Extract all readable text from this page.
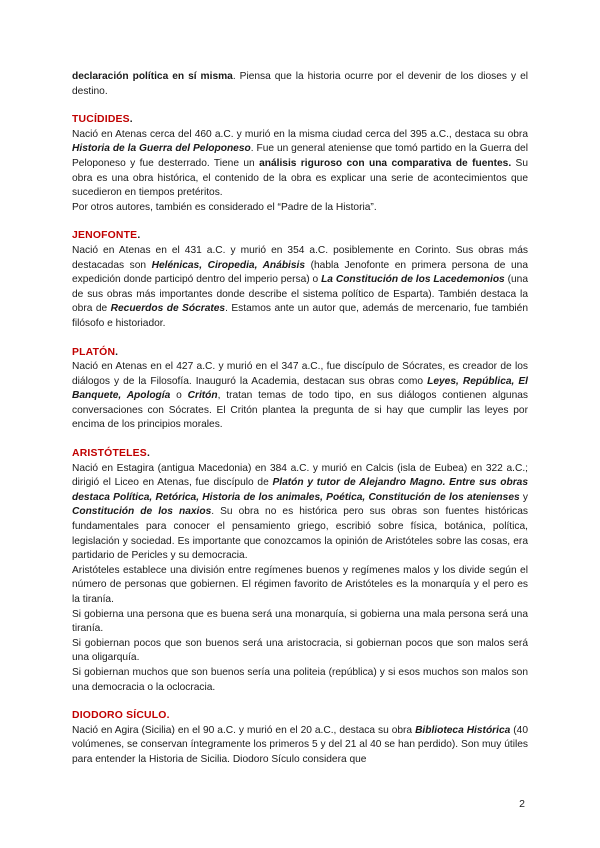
declaración política en sí misma. Piensa que la historia ocurre por el devenir de los dioses y el destino.

TUCÍDIDES.

Nació en Atenas cerca del 460 a.C. y murió en la misma ciudad cerca del 395 a.C., destaca su obra Historia de la Guerra del Peloponeso. Fue un general ateniense que tomó partido en la Guerra del Peloponeso y fue desterrado. Tiene un análisis riguroso con una comparativa de fuentes. Su obra es una obra histórica, el contenido de la obra es explicar una serie de acontecimientos que sucedieron en tiempos pretéritos.

Por otros autores, también es considerado el “Padre de la Historia”.

JENOFONTE.

Nació en Atenas en el 431 a.C. y murió en 354 a.C. posiblemente en Corinto. Sus obras más destacadas son Helénicas, Ciropedia, Anábisis (habla Jenofonte en primera persona de una expedición donde participó dentro del imperio persa) o La Constitución de los Lacedemonios (una de sus obras más importantes donde describe el sistema político de Esparta). También destaca la obra de Recuerdos de Sócrates. Estamos ante un autor que, además de mercenario, fue también filósofo e historiador.

PLATÓN.

Nació en Atenas en el 427 a.C. y murió en el 347 a.C., fue discípulo de Sócrates, es creador de los diálogos y de la Filosofía. Inauguró la Academia, destacan sus obras como Leyes, República, El Banquete, Apología o Critón, tratan temas de todo tipo, en sus diálogos contienen algunas conversaciones con Sócrates. El Critón plantea la pregunta de si hay que cumplir las leyes por encima de los principios morales.

ARISTÓTELES.

Nació en Estagira (antigua Macedonia) en 384 a.C. y murió en Calcis (isla de Eubea) en 322 a.C.; dirigió el Liceo en Atenas, fue discípulo de Platón y tutor de Alejandro Magno. Entre sus obras destaca Política, Retórica, Historia de los animales, Poética, Constitución de los atenienses y Constitución de los naxios. Su obra no es histórica pero sus obras son fuentes históricas fundamentales para conocer el pensamiento griego, escribió sobre física, botánica, política, legislación y sociedad. Es importante que conozcamos la opinión de Aristóteles sobre las cosas, era partidario de Pericles y su democracia.

Aristóteles establece una división entre regímenes buenos y regímenes malos y los divide según el número de personas que gobiernen. El régimen favorito de Aristóteles es la monarquía y el pero es la tiranía.

Si gobierna una persona que es buena será una monarquía, si gobierna una mala persona será una tiranía.

Si gobiernan pocos que son buenos será una aristocracia, si gobiernan pocos que son malos será una oligarquía.

Si gobiernan muchos que son buenos sería una politeia (república) y si esos muchos son malos son una democracia o la oclocracia.

DIODORO SÍCULO.

Nació en Agira (Sicilia) en el 90 a.C. y murió en el 20 a.C., destaca su obra Biblioteca Histórica (40 volúmenes, se conservan íntegramente los primeros 5 y del 21 al 40 se han perdido). Son muy útiles para entender la Historia de Sicilia. Diodoro Sículo considera que

2
